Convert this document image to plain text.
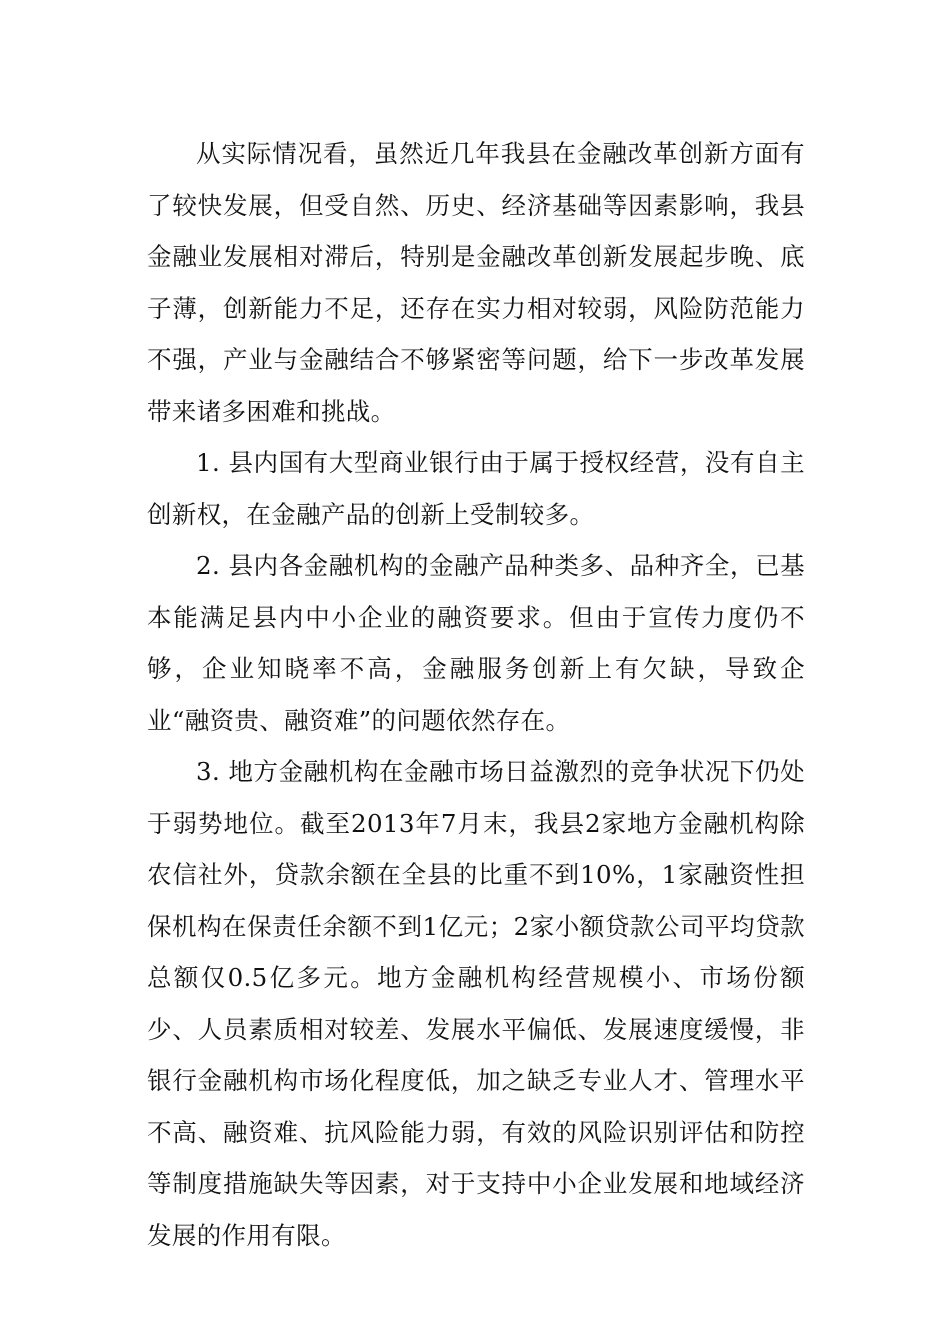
从实际情况看，虽然近几年我县在金融改革创新方面有了较快发展，但受自然、历史、经济基础等因素影响，我县金融业发展相对滞后，特别是金融改革创新发展起步晚、底子薄，创新能力不足，还存在实力相对较弱，风险防范能力不强，产业与金融结合不够紧密等问题，给下一步改革发展带来诸多困难和挑战。

1. 县内国有大型商业银行由于属于授权经营，没有自主创新权，在金融产品的创新上受制较多。

2. 县内各金融机构的金融产品种类多、品种齐全，已基本能满足县内中小企业的融资要求。但由于宣传力度仍不够，企业知晓率不高，金融服务创新上有欠缺，导致企业“融资贵、融资难”的问题依然存在。

3. 地方金融机构在金融市场日益激烈的竞争状况下仍处于弱势地位。截至2013年7月末，我县2家地方金融机构除农信社外，贷款余额在全县的比重不到10%，1家融资性担保机构在保责任余额不到1亿元；2家小额贷款公司平均贷款总额仅0.5亿多元。地方金融机构经营规模小、市场份额少、人员素质相对较差、发展水平偏低、发展速度缓慢，非银行金融机构市场化程度低，加之缺乏专业人才、管理水平不高、融资难、抗风险能力弱，有效的风险识别评估和防控等制度措施缺失等因素，对于支持中小企业发展和地域经济发展的作用有限。
